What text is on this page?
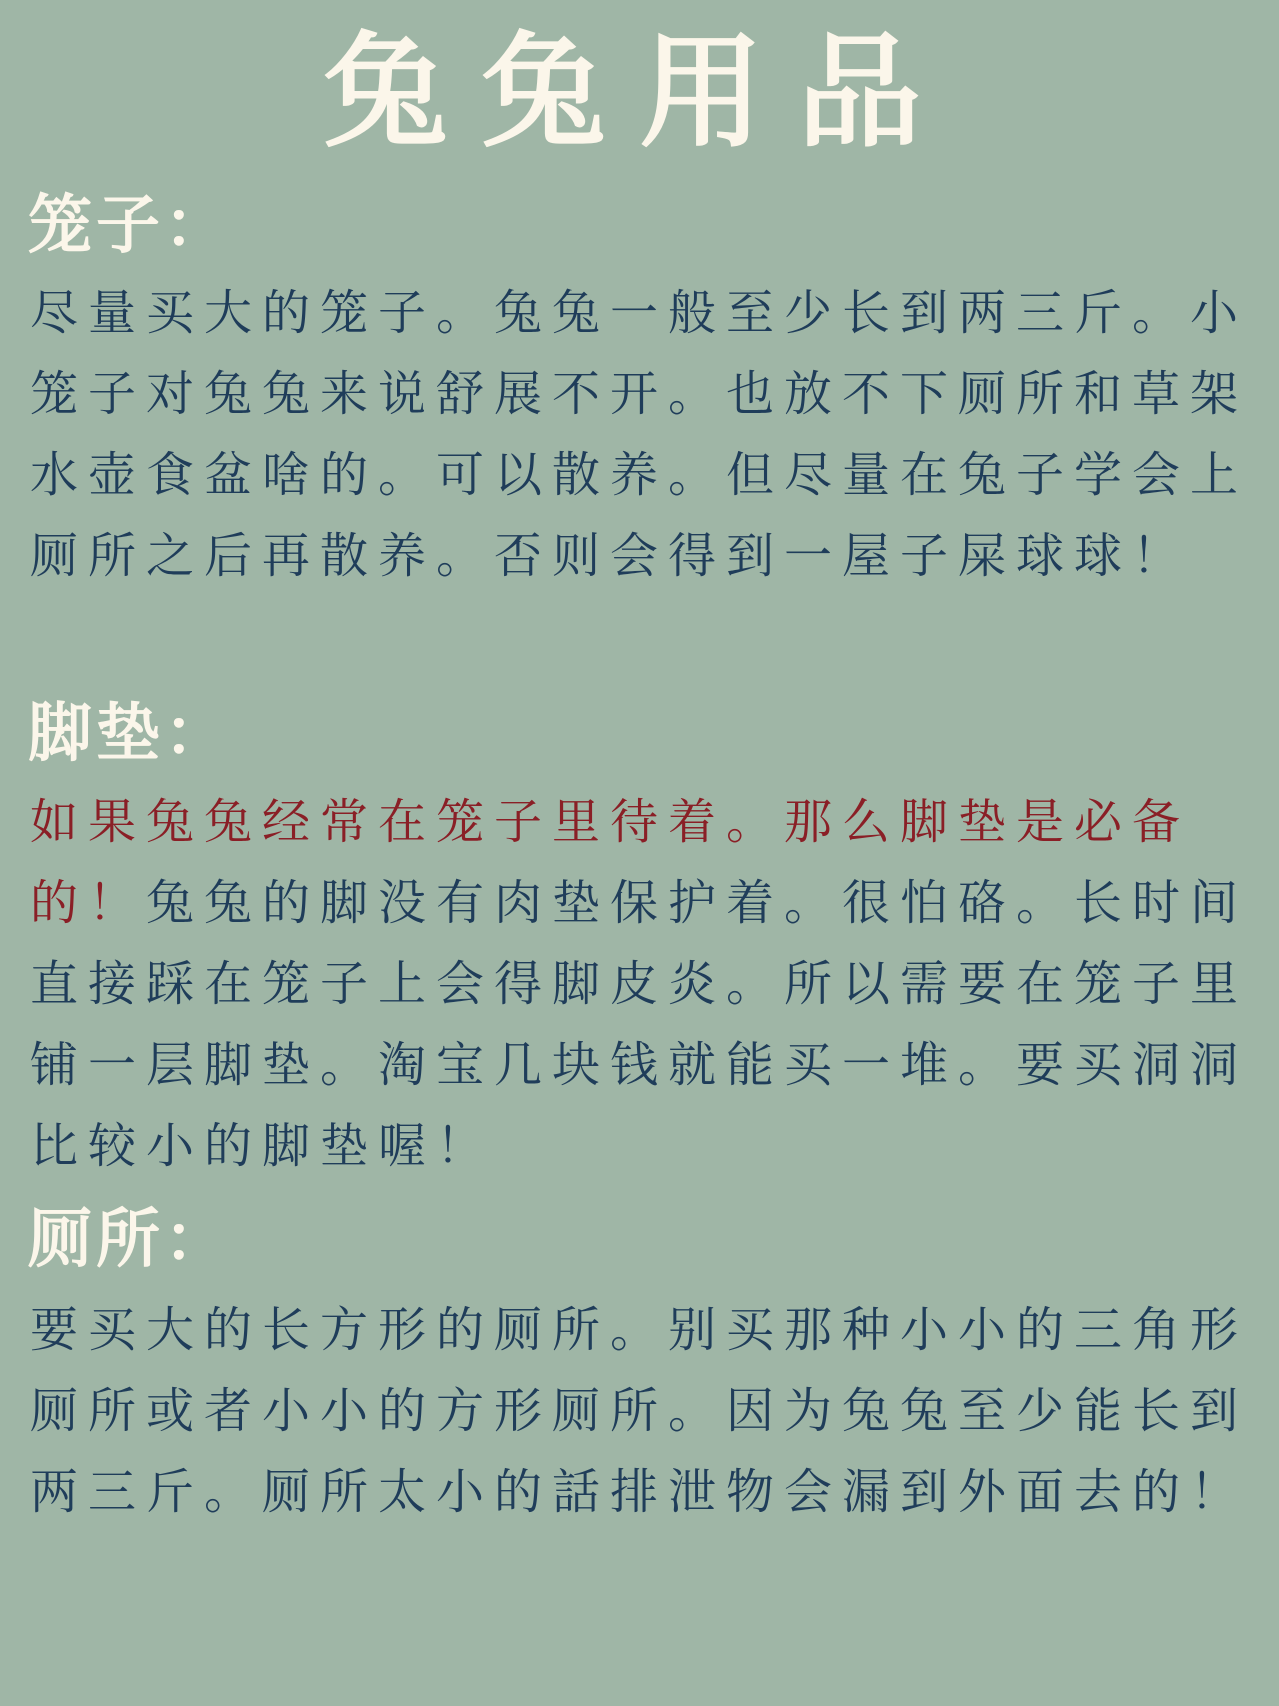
兔兔用品
笼子：
尽量买大的笼子。兔兔一般至少长到两三斤。小笼子对兔兔来说舒展不开。也放不下厕所和草架水壶食盆啥的。可以散养。但尽量在兔子学会上厕所之后再散养。否则会得到一屋子屎球球！
脚垫：
如果兔兔经常在笼子里待着。那么脚垫是必备的！兔兔的脚没有肉垫保护着。很怕硌。长时间直接踩在笼子上会得脚皮炎。所以需要在笼子里铺一层脚垫。淘宝几块钱就能买一堆。要买洞洞比较小的脚垫喔！
厕所：
要买大的长方形的厕所。别买那种小小的三角形厕所或者小小的方形厕所。因为兔兔至少能长到两三斤。厕所太小的話排泄物会漏到外面去的！
